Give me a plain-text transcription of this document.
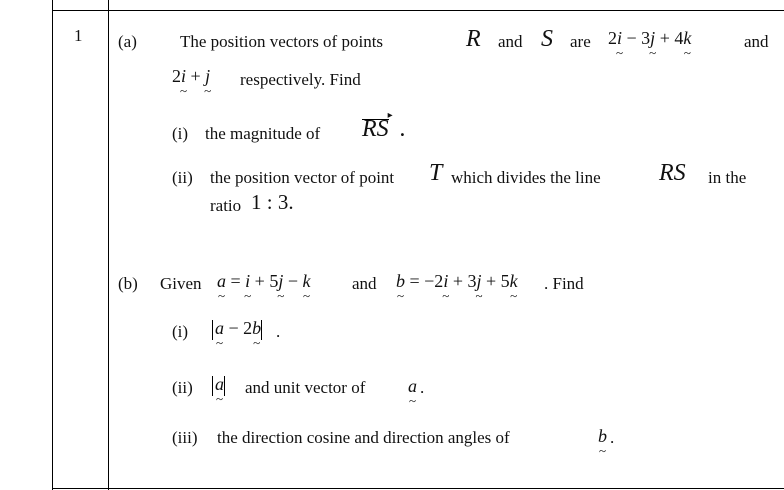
1 (a)	The position vectors of points	R and S are 2i ~ − 3j ~ + 4k ~	and
2i ~ + j ~ respectively. Find
(i) the magnitude of RS ▸ .
(ii) the position vector of point T which divides the line RS in the
ratio 1 : 3.
(b) Given a ~ = i ~ + 5j ~ − k ~ and b ~ = −2i ~ + 3j ~ + 5k ~ . Find
(i) a ~ − 2b ~ .
(ii) a ~ and unit vector of a ~ .
(iii) the direction cosine and direction angles of	b ~ .
